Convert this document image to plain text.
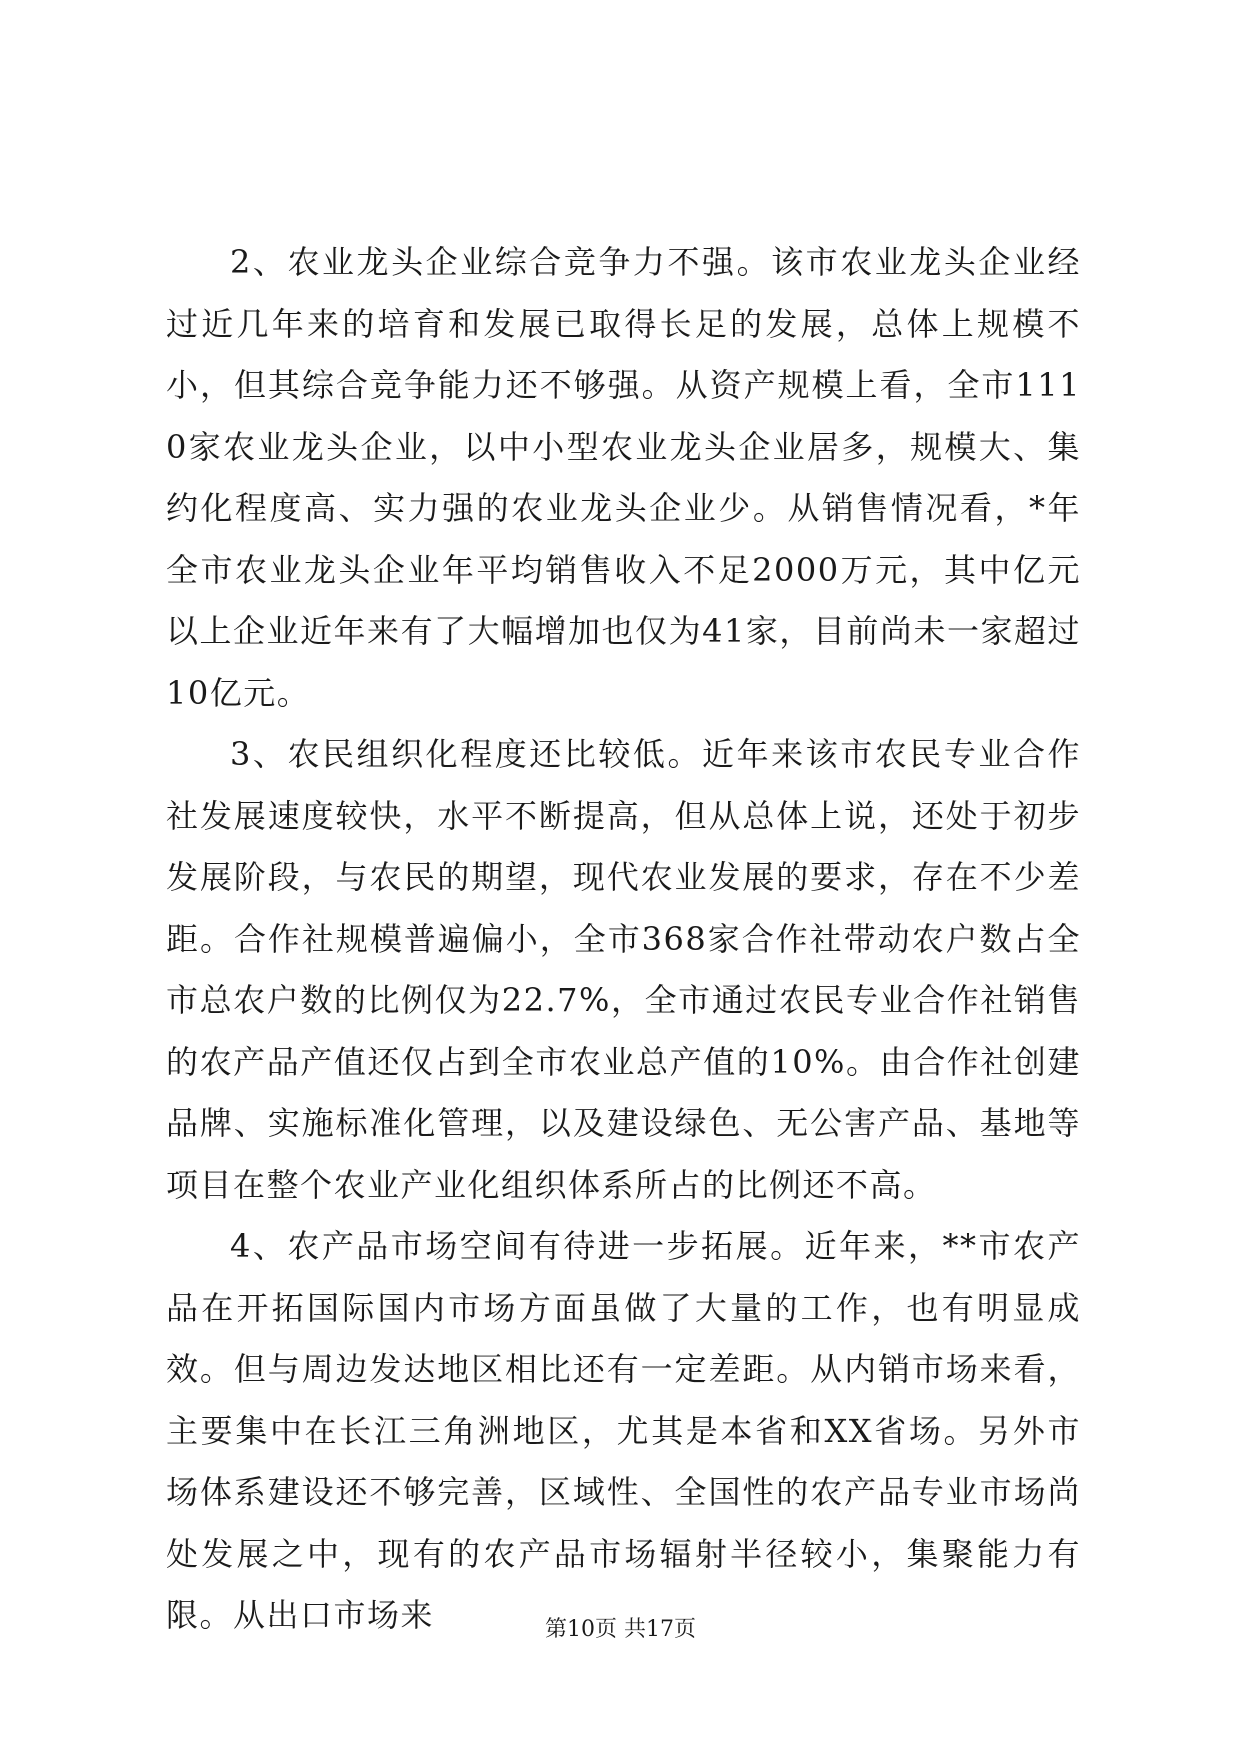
2、农业龙头企业综合竞争力不强。该市农业龙头企业经过近几年来的培育和发展已取得长足的发展，总体上规模不小，但其综合竞争能力还不够强。从资产规模上看，全市1110家农业龙头企业，以中小型农业龙头企业居多，规模大、集约化程度高、实力强的农业龙头企业少。从销售情况看，*年全市农业龙头企业年平均销售收入不足2000万元，其中亿元以上企业近年来有了大幅增加也仅为41家，目前尚未一家超过10亿元。

3、农民组织化程度还比较低。近年来该市农民专业合作社发展速度较快，水平不断提高，但从总体上说，还处于初步发展阶段，与农民的期望，现代农业发展的要求，存在不少差距。合作社规模普遍偏小，全市368家合作社带动农户数占全市总农户数的比例仅为22.7%，全市通过农民专业合作社销售的农产品产值还仅占到全市农业总产值的10%。由合作社创建品牌、实施标准化管理，以及建设绿色、无公害产品、基地等项目在整个农业产业化组织体系所占的比例还不高。

4、农产品市场空间有待进一步拓展。近年来，**市农产品在开拓国际国内市场方面虽做了大量的工作，也有明显成效。但与周边发达地区相比还有一定差距。从内销市场来看，主要集中在长江三角洲地区，尤其是本省和XX省场。另外市场体系建设还不够完善，区域性、全国性的农产品专业市场尚处发展之中，现有的农产品市场辐射半径较小，集聚能力有限。从出口市场来	第10页 共17页
